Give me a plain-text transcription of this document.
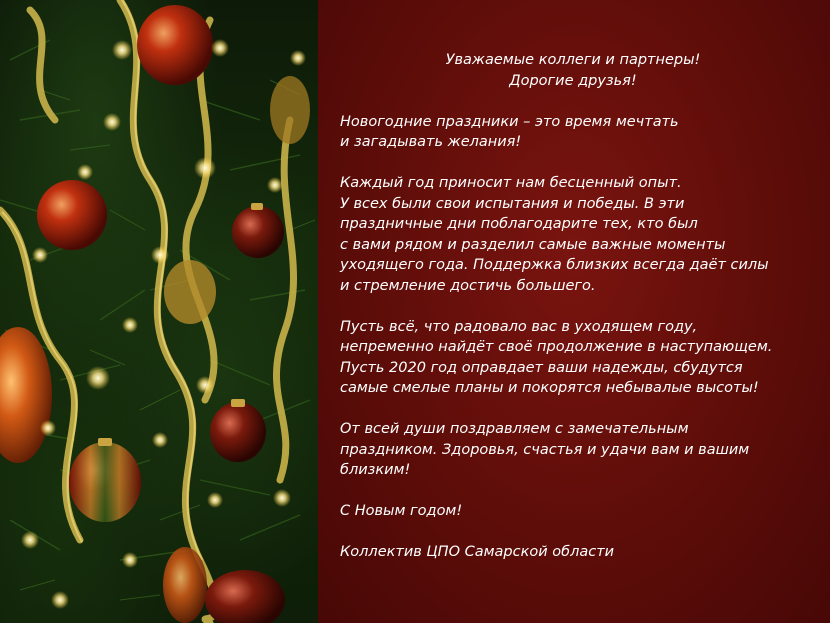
Уважаемые коллеги и партнеры!
Дорогие друзья!

Новогодние праздники – это время мечтать
и загадывать желания!

Каждый год приносит нам бесценный опыт.
У всех были свои испытания и победы. В эти
праздничные дни поблагодарите тех, кто был
с вами рядом и разделил самые важные моменты
уходящего года. Поддержка близких всегда даёт силы
и стремление достичь большего.

Пусть всё, что радовало вас в уходящем году,
непременно найдёт своё продолжение в наступающем.
Пусть 2020 год оправдает ваши надежды, сбудутся
самые смелые планы и покорятся небывалые высоты!

От всей души поздравляем с замечательным
праздником. Здоровья, счастья и удачи вам и вашим
близким!

С Новым годом!

Коллектив ЦПО Самарской области
